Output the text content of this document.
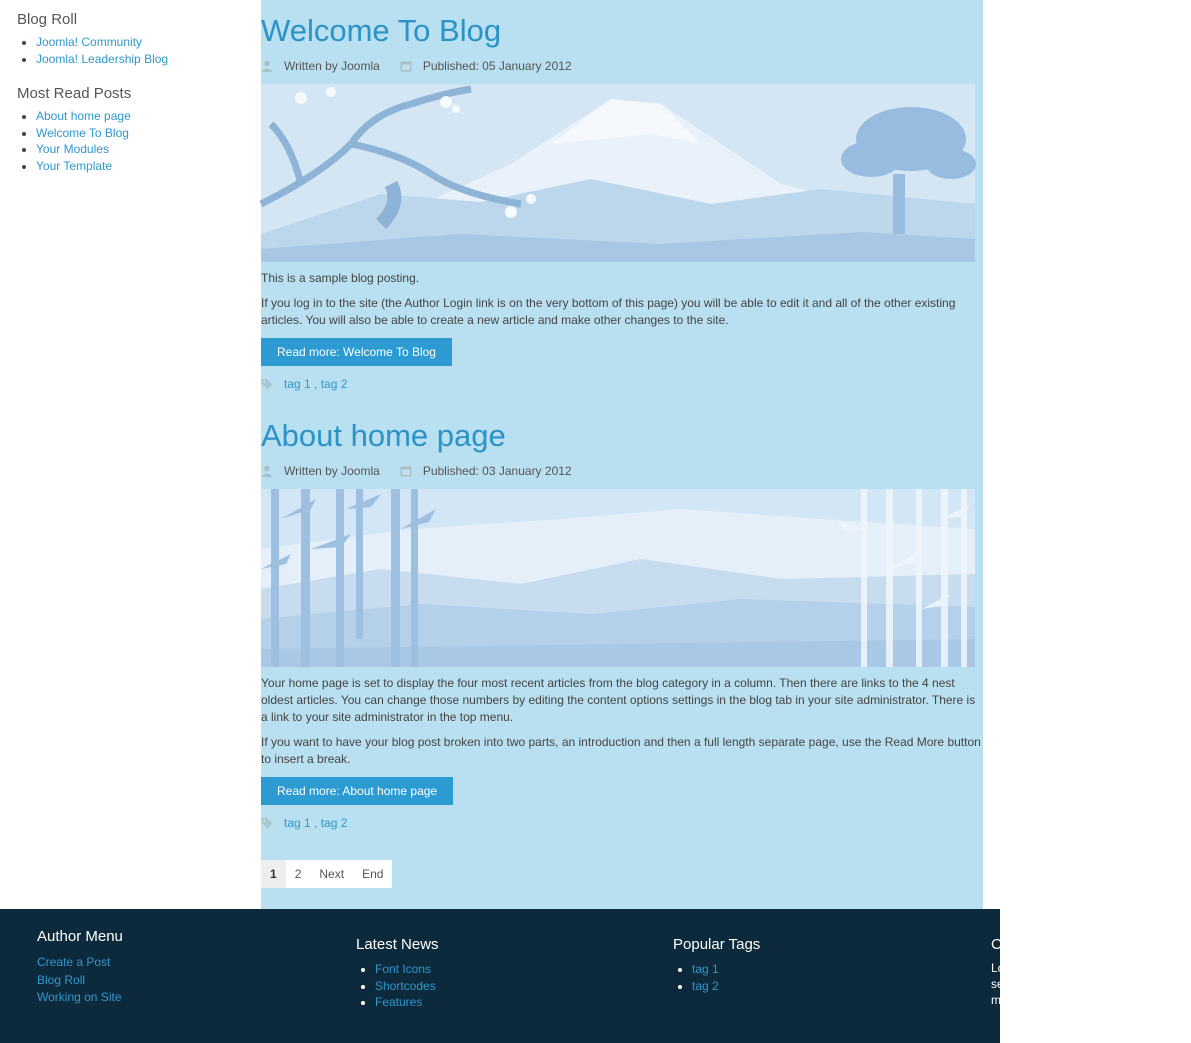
Blog Roll
• Joomla! Community
• Joomla! Leadership Blog
Most Read Posts
• About home page
• Welcome To Blog
• Your Modules
• Your Template
Welcome To Blog
Written by Joomla	Published: 05 January 2012

This is a sample blog posting.

If you log in to the site (the Author Login link is on the very bottom of this page) you will be able to edit it and all of the other existing articles. You will also be able to create a new article and make other changes to the site.

Read more: Welcome To Blog
tag 1 , tag 2
About home page
Written by Joomla	Published: 03 January 2012

Your home page is set to display the four most recent articles from the blog category in a column. Then there are links to the 4 nest oldest articles. You can change those numbers by editing the content options settings in the blog tab in your site administrator. There is a link to your site administrator in the top menu.

If you want to have your blog post broken into two parts, an introduction and then a full length separate page, use the Read More button to insert a break.

Read more: About home page
tag 1 , tag 2
1	2	Next	End
Author Menu
Create a Post
Blog Roll
Working on Site
Latest News
• Font Icons
• Shortcodes
• Features
Popular Tags
• tag 1
• tag 2
C
Lo
se
m
